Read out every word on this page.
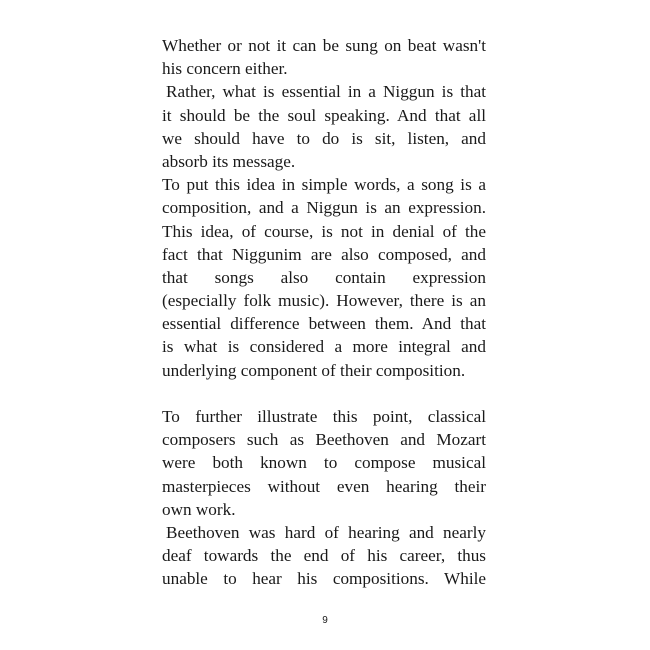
Whether or not it can be sung on beat wasn't
his concern either.
Rather, what is essential in a Niggun is that
it should be the soul speaking. And that all
we should have to do is sit, listen, and
absorb its message.
To put this idea in simple words, a song is a
composition, and a Niggun is an expression.
This idea, of course, is not in denial of the
fact that Niggunim are also composed, and
that songs also contain expression
(especially folk music). However, there is an
essential difference between them. And that
is what is considered a more integral and
underlying component of their composition.
To further illustrate this point, classical
composers such as Beethoven and Mozart
were both known to compose musical
masterpieces without even hearing their
own work.
Beethoven was hard of hearing and nearly
deaf towards the end of his career, thus
unable to hear his compositions. While
9
